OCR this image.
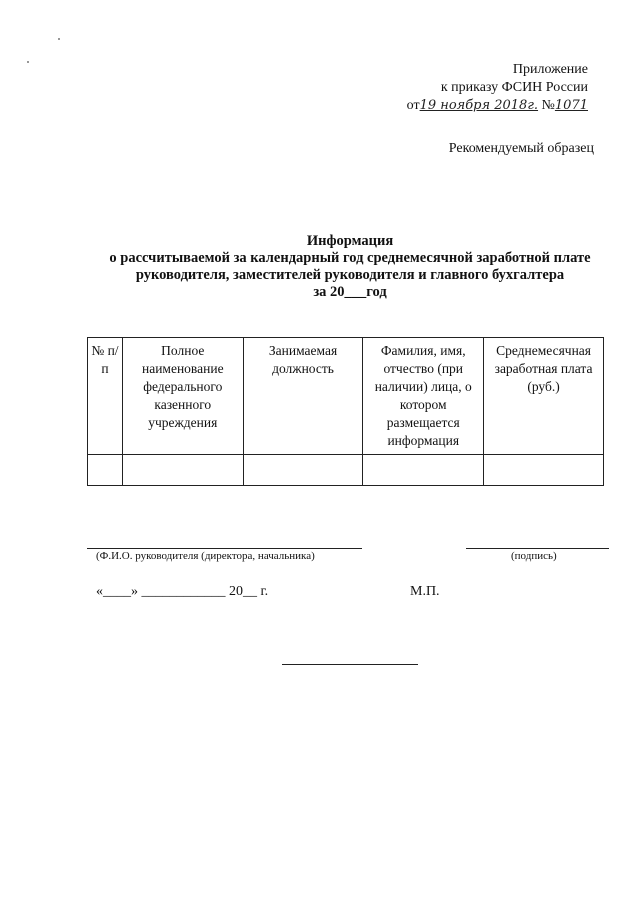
Приложение
к приказу ФСИН России
от19 ноября 2018г. №1071
Рекомендуемый образец
Информация
о рассчитываемой за календарный год среднемесячной заработной плате
руководителя, заместителей руководителя и главного бухгалтера
за 20___год
№ п/п	Полное наименование федерального казенного учреждения	Занимаемая должность	Фамилия, имя, отчество (при наличии) лица, о котором размещается информация	Среднемесячная заработная плата (руб.)

(Ф.И.О. руководителя (директора, начальника)	(подпись)
«____» ____________ 20__ г.	М.П.
